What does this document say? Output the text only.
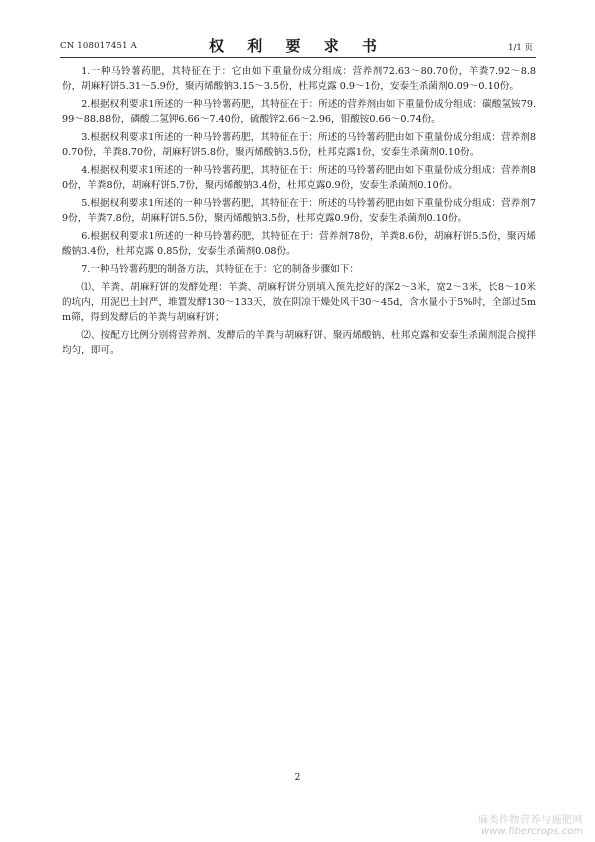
CN 108017451 A	权 利 要 求 书	1/1 页

1.一种马铃薯药肥，其特征在于：它由如下重量份成分组成：营养剂72.63～80.70份，羊粪7.92～8.8份，胡麻籽饼5.31～5.9份，聚丙烯酸钠3.15～3.5份，杜邦克露 0.9～1份，安泰生杀菌剂0.09～0.10份。

2.根据权利要求1所述的一种马铃薯药肥，其特征在于：所述的营养剂由如下重量份成分组成：碳酸氢铵79.99～88.88份，磷酸二氢钾6.66～7.40份，硫酸锌2.66～2.96，钼酸铵0.66～0.74份。

3.根据权利要求1所述的一种马铃薯药肥，其特征在于：所述的马铃薯药肥由如下重量份成分组成：营养剂80.70份，羊粪8.70份，胡麻籽饼5.8份，聚丙烯酸钠3.5份，杜邦克露1份，安泰生杀菌剂0.10份。

4.根据权利要求1所述的一种马铃薯药肥，其特征在于：所述的马铃薯药肥由如下重量份成分组成：营养剂80份，羊粪8份，胡麻籽饼5.7份，聚丙烯酸钠3.4份，杜邦克露0.9份，安泰生杀菌剂0.10份。

5.根据权利要求1所述的一种马铃薯药肥，其特征在于：所述的马铃薯药肥由如下重量份成分组成：营养剂79份，羊粪7.8份，胡麻籽饼5.5份，聚丙烯酸钠3.5份，杜邦克露0.9份，安泰生杀菌剂0.10份。

6.根据权利要求1所述的一种马铃薯药肥，其特征在于：营养剂78份，羊粪8.6份，胡麻籽饼5.5份，聚丙烯酸钠3.4份，杜邦克露 0.85份，安泰生杀菌剂0.08份。

7.一种马铃薯药肥的制备方法，其特征在于：它的制备步骤如下：

⑴、羊粪、胡麻籽饼的发酵处理：羊粪、胡麻籽饼分别填入预先挖好的深2～3米，宽2～3米，长8～10米的坑内，用泥巴土封严，堆置发酵130～133天，放在阴凉干燥处风干30～45d，含水量小于5%时，全部过5mm筛，得到发酵后的羊粪与胡麻籽饼；

⑵、按配方比例分别将营养剂、发酵后的羊粪与胡麻籽饼、聚丙烯酸钠、杜邦克露和安泰生杀菌剂混合搅拌均匀，即可。

2
麻类作物营养与施肥网
www.fibercrops.com
